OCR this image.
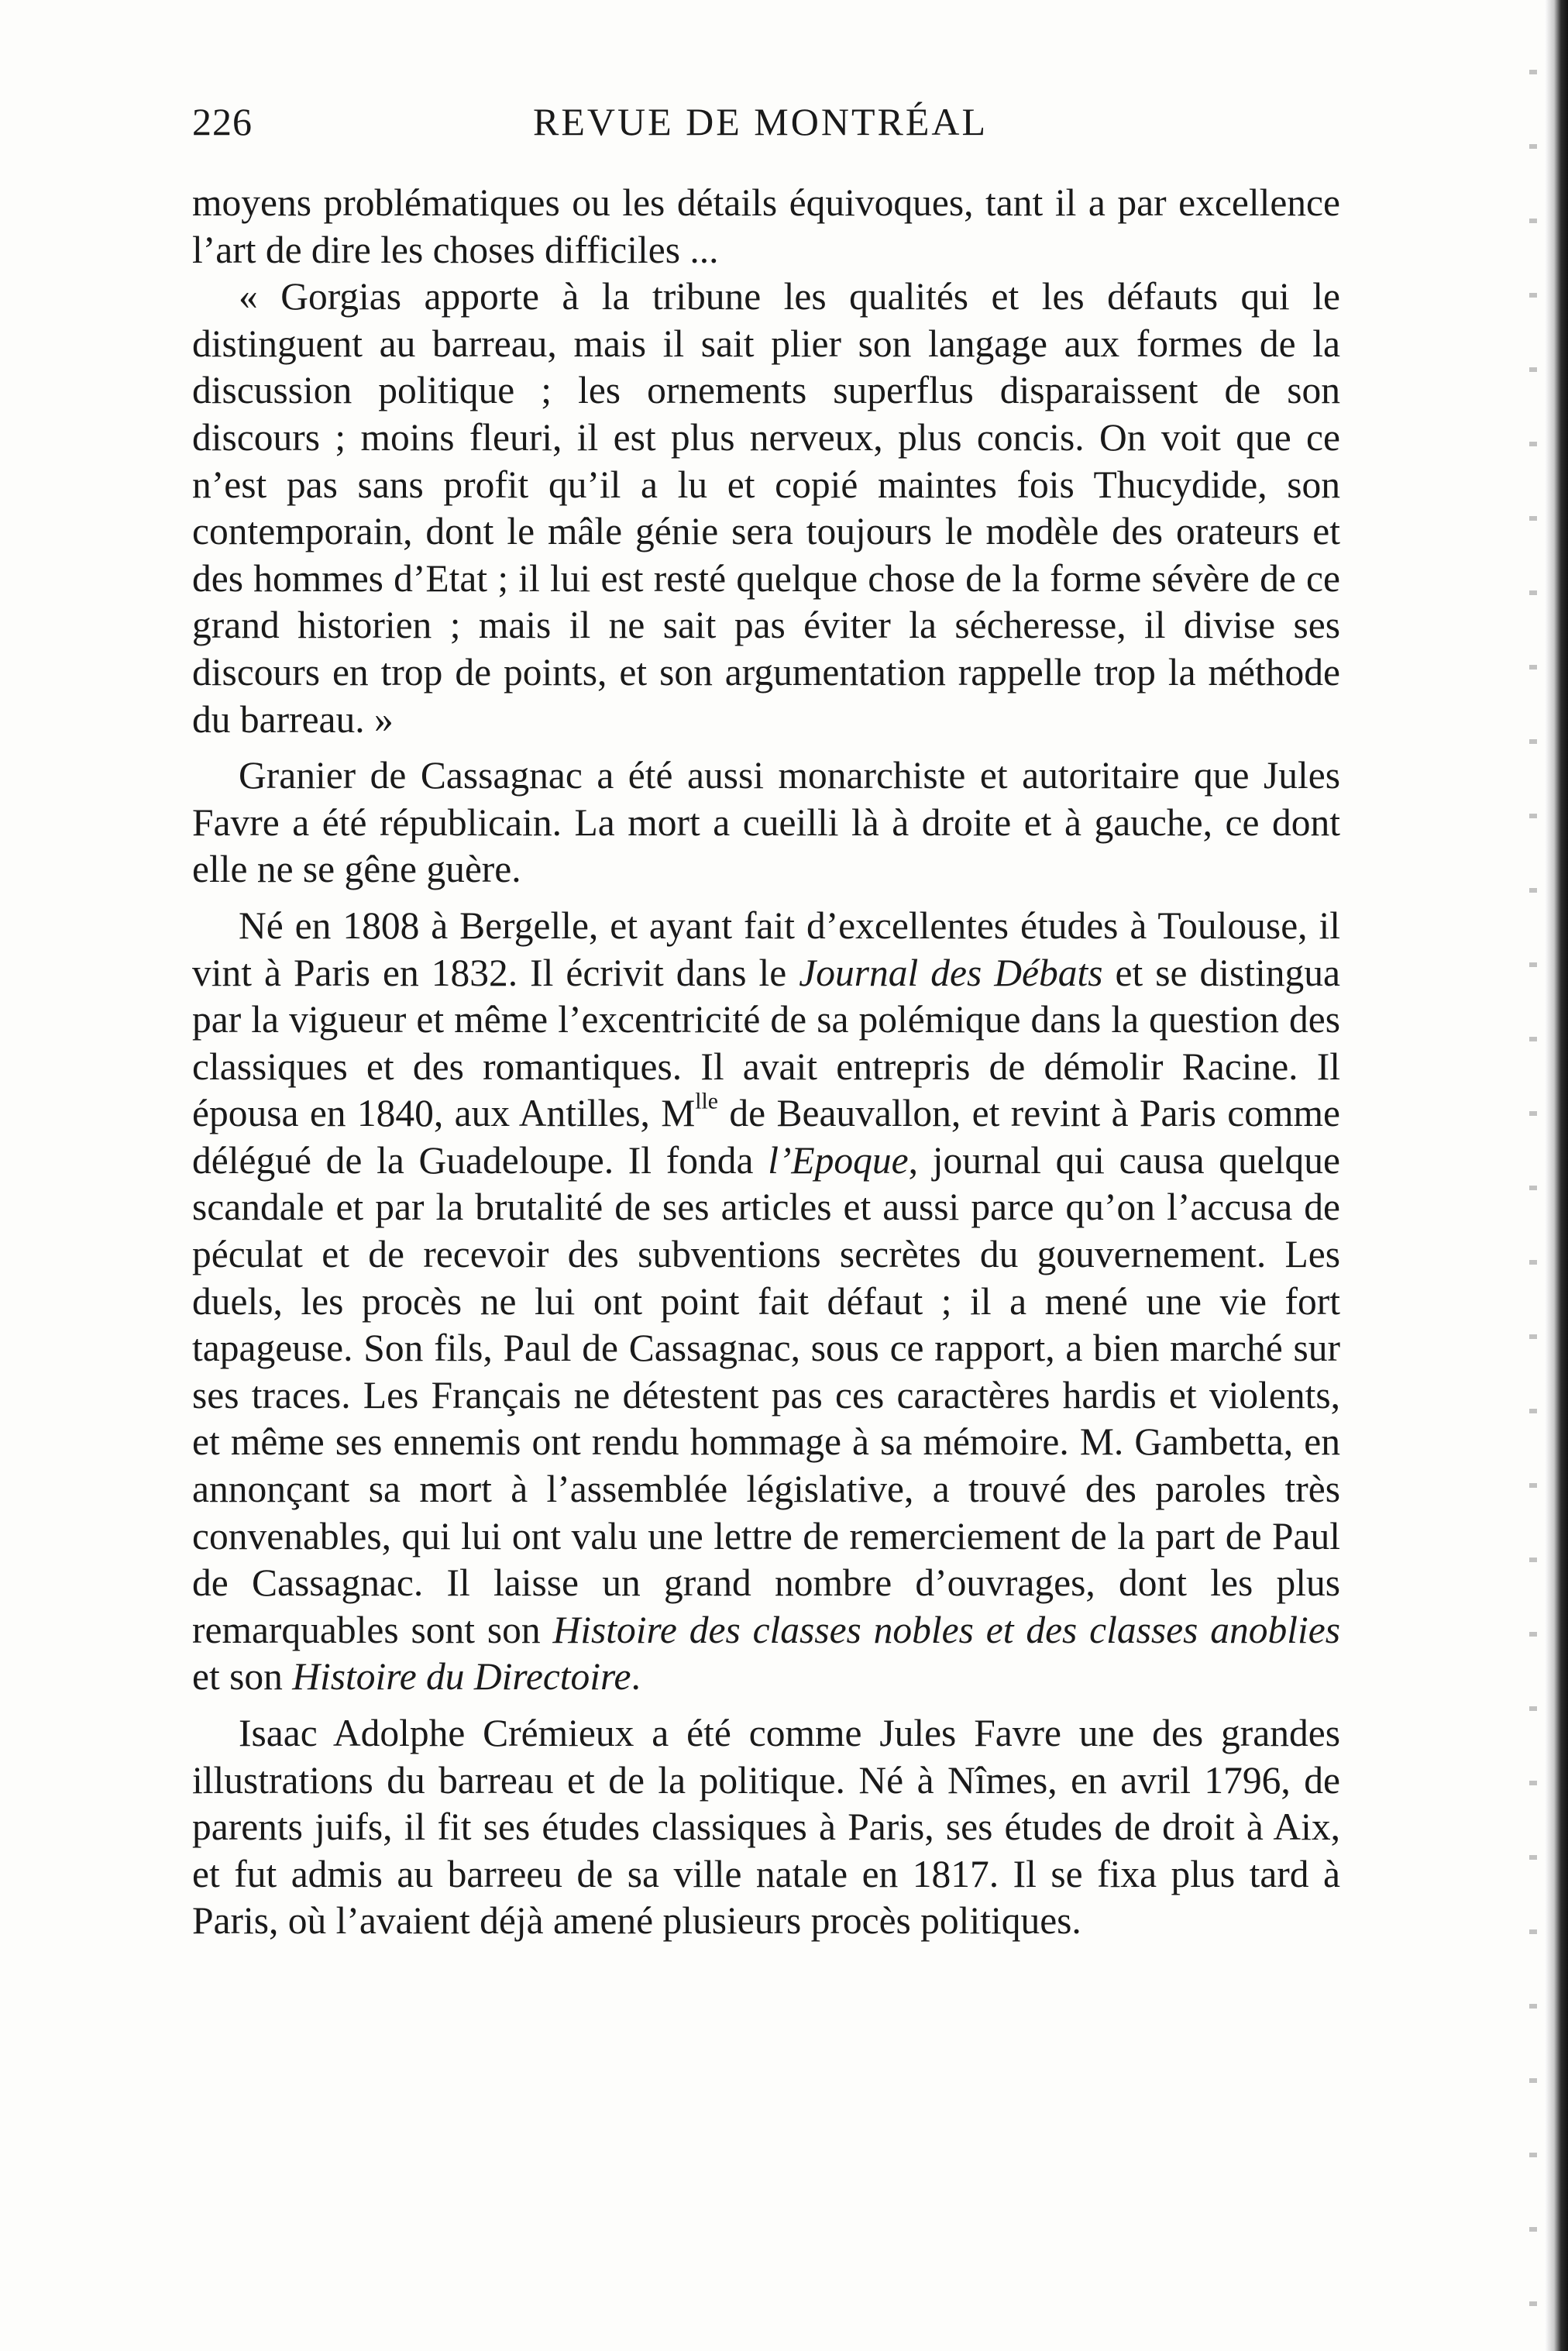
226	REVUE DE MONTRÉAL

moyens problématiques ou les détails équivoques, tant il a par excellence l’art de dire les choses difficiles ...

« Gorgias apporte à la tribune les qualités et les défauts qui le distinguent au barreau, mais il sait plier son langage aux formes de la discussion politique ; les ornements superflus disparaissent de son discours ; moins fleuri, il est plus nerveux, plus concis. On voit que ce n’est pas sans profit qu’il a lu et copié maintes fois Thucydide, son contemporain, dont le mâle génie sera toujours le modèle des orateurs et des hommes d’Etat ; il lui est resté quelque chose de la forme sévère de ce grand historien ; mais il ne sait pas éviter la sécheresse, il divise ses discours en trop de points, et son argumentation rappelle trop la méthode du barreau. »

Granier de Cassagnac a été aussi monarchiste et autoritaire que Jules Favre a été républicain. La mort a cueilli là à droite et à gauche, ce dont elle ne se gêne guère.

Né en 1808 à Bergelle, et ayant fait d’excellentes études à Toulouse, il vint à Paris en 1832. Il écrivit dans le Journal des Débats et se distingua par la vigueur et même l’excentricité de sa polémique dans la question des classiques et des romantiques. Il avait entrepris de démolir Racine. Il épousa en 1840, aux Antilles, $M^{lle}$ de Beauvallon, et revint à Paris comme délégué de la Guadeloupe. Il fonda l’Epoque, journal qui causa quelque scandale et par la brutalité de ses articles et aussi parce qu’on l’accusa de péculat et de recevoir des subventions secrètes du gouvernement. Les duels, les procès ne lui ont point fait défaut ; il a mené une vie fort tapageuse. Son fils, Paul de Cassagnac, sous ce rapport, a bien marché sur ses traces. Les Français ne détestent pas ces caractères hardis et violents, et même ses ennemis ont rendu hommage à sa mémoire. M. Gambetta, en annonçant sa mort à l’assemblée législative, a trouvé des paroles très convenables, qui lui ont valu une lettre de remerciement de la part de Paul de Cassagnac. Il laisse un grand nombre d’ouvrages, dont les plus remarquables sont son Histoire des classes nobles et des classes anoblies et son Histoire du Directoire.

Isaac Adolphe Crémieux a été comme Jules Favre une des grandes illustrations du barreau et de la politique. Né à Nîmes, en avril 1796, de parents juifs, il fit ses études classiques à Paris, ses études de droit à Aix, et fut admis au barreeu de sa ville natale en 1817. Il se fixa plus tard à Paris, où l’avaient déjà amené plusieurs procès politiques.
